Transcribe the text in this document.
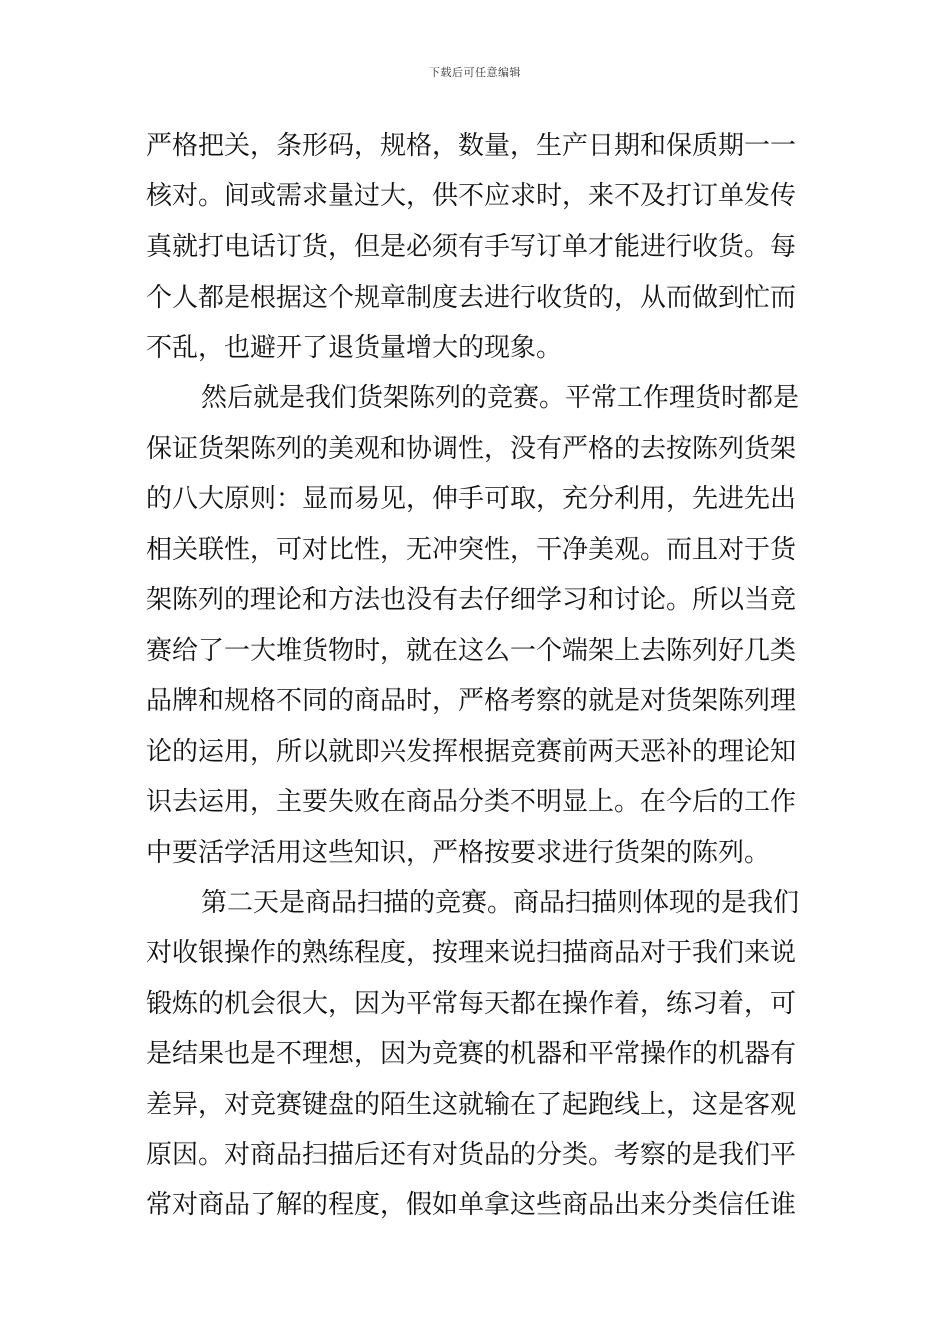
下载后可任意编辑
严格把关，条形码，规格，数量，生产日期和保质期一一
核对。间或需求量过大，供不应求时，来不及打订单发传
真就打电话订货，但是必须有手写订单才能进行收货。每
个人都是根据这个规章制度去进行收货的，从而做到忙而
不乱，也避开了退货量增大的现象。
然后就是我们货架陈列的竞赛。平常工作理货时都是
保证货架陈列的美观和协调性，没有严格的去按陈列货架
的八大原则：显而易见，伸手可取，充分利用，先进先出
相关联性，可对比性，无冲突性，干净美观。而且对于货
架陈列的理论和方法也没有去仔细学习和讨论。所以当竞
赛给了一大堆货物时，就在这么一个端架上去陈列好几类
品牌和规格不同的商品时，严格考察的就是对货架陈列理
论的运用，所以就即兴发挥根据竞赛前两天恶补的理论知
识去运用，主要失败在商品分类不明显上。在今后的工作
中要活学活用这些知识，严格按要求进行货架的陈列。
第二天是商品扫描的竞赛。商品扫描则体现的是我们
对收银操作的熟练程度，按理来说扫描商品对于我们来说
锻炼的机会很大，因为平常每天都在操作着，练习着，可
是结果也是不理想，因为竞赛的机器和平常操作的机器有
差异，对竞赛键盘的陌生这就输在了起跑线上，这是客观
原因。对商品扫描后还有对货品的分类。考察的是我们平
常对商品了解的程度，假如单拿这些商品出来分类信任谁
